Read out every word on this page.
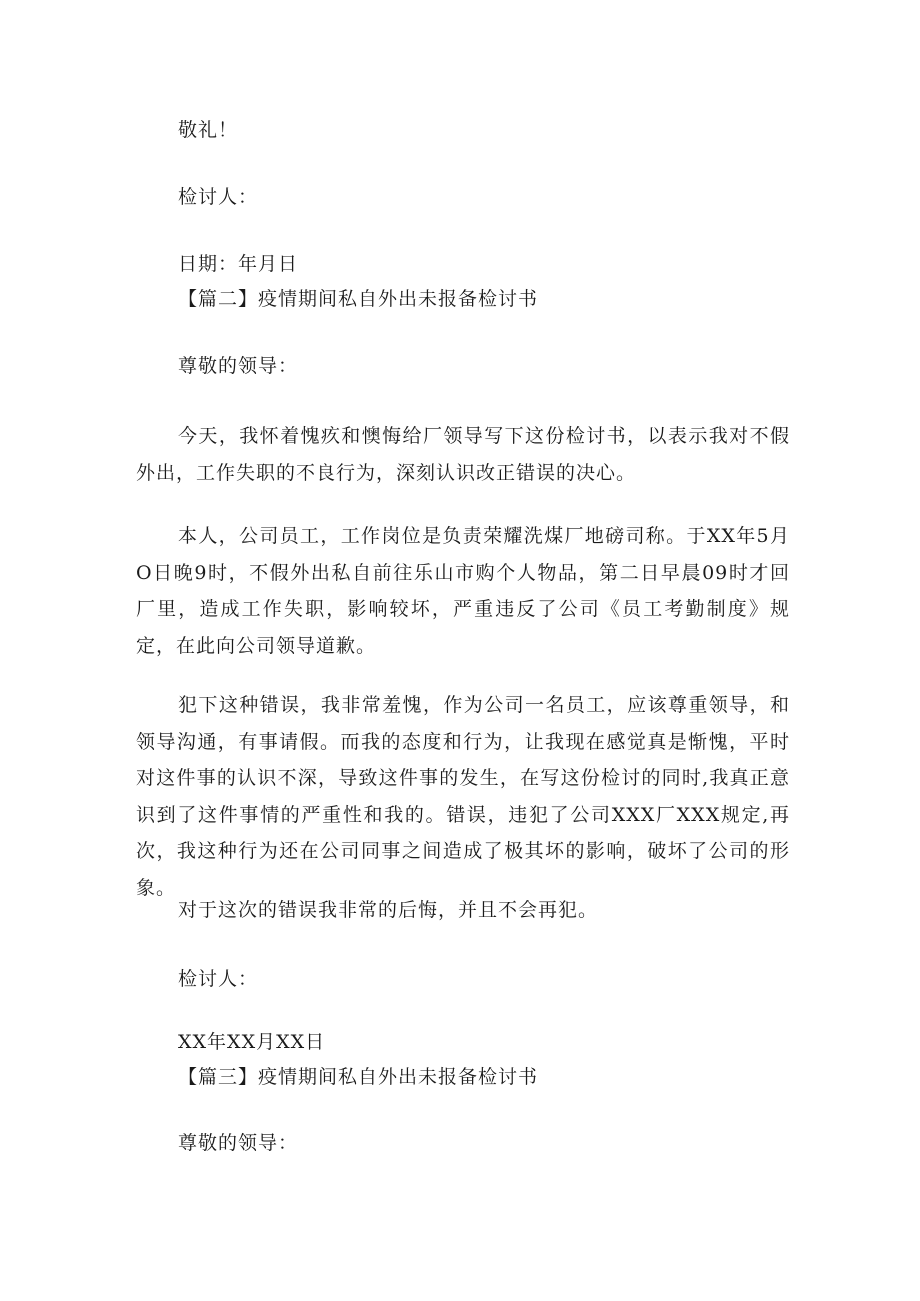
敬礼！
检讨人：
日期：年月日
【篇二】疫情期间私自外出未报备检讨书
尊敬的领导：
今天，我怀着愧疚和懊悔给厂领导写下这份检讨书，以表示我对不假外出，工作失职的不良行为，深刻认识改正错误的决心。
本人，公司员工，工作岗位是负责荣耀洗煤厂地磅司称。于XX年5月O日晚9时，不假外出私自前往乐山市购个人物品，第二日早晨09时才回厂里，造成工作失职，影响较坏，严重违反了公司《员工考勤制度》规定，在此向公司领导道歉。
犯下这种错误，我非常羞愧，作为公司一名员工，应该尊重领导，和领导沟通，有事请假。而我的态度和行为，让我现在感觉真是惭愧，平时对这件事的认识不深，导致这件事的发生，在写这份检讨的同时,我真正意识到了这件事情的严重性和我的。错误，违犯了公司XXX厂XXX规定,再次，我这种行为还在公司同事之间造成了极其坏的影响，破坏了公司的形象。
对于这次的错误我非常的后悔，并且不会再犯。
检讨人：
XX年XX月XX日
【篇三】疫情期间私自外出未报备检讨书
尊敬的领导：
